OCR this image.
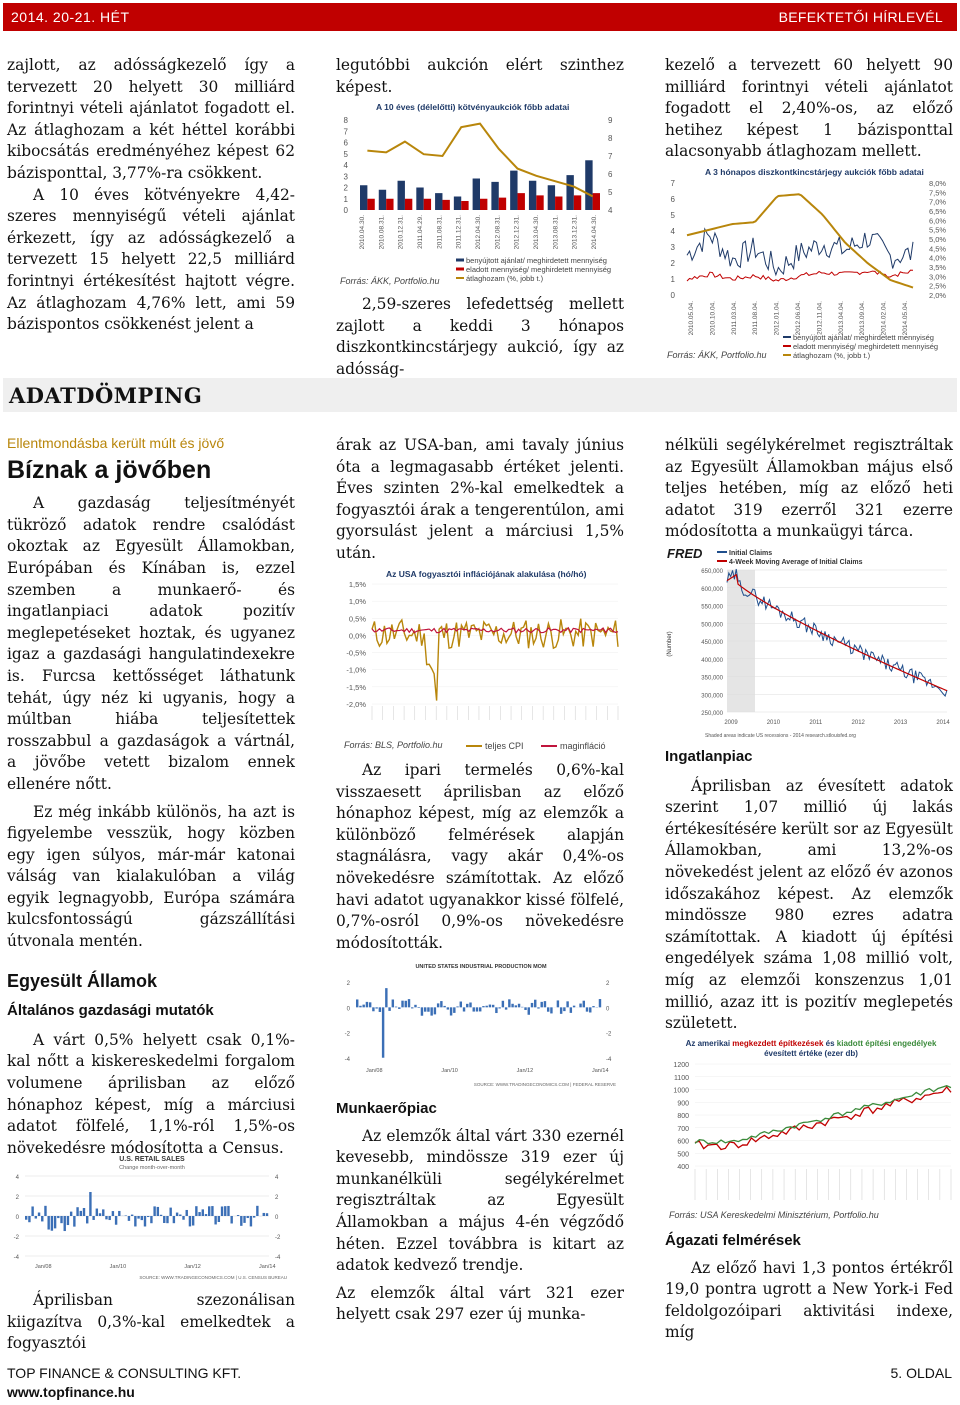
2014. 20-21. HÉT	BEFEKTETŐI HÍRLEVÉL

zajlott, az adósságkezelő így a tervezett 20 helyett 30 milliárd forintnyi vételi ajánlatot fogadott el. Az átlaghozam a két héttel korábbi kibocsátás eredményéhez képest 62 bázisponttal, 3,77%-ra csökkent.

A 10 éves kötvényekre 4,42-szeres mennyiségű vételi ajánlat érkezett, így az adósságkezelő a tervezett 15 helyett 22,5 milliárd forintnyi értékesítést hajtott végre. Az átlaghozam 4,76% lett, ami 59 bázispontos csökkenést jelent a

legutóbbi aukción elért szinthez képest.

A 10 éves (délelőtti) kötvényaukciók főbb adatai
8
7
6
5
4
3
2
1
0
9
8
7
6
5
4
2010.04.30. 2010.08.31. 2010.12.31. 2011.04.29. 2011.08.31. 2011.12.31. 2012.04.30. 2012.08.31. 2012.12.31. 2013.04.30. 2013.08.31. 2013.12.31. 2014.04.30.
benyújtott ajánlat/ meghirdetett mennyiség
eladott mennyiség/ meghirdetett mennyiség
átlaghozam (%, jobb t.)
Forrás: ÁKK, Portfolio.hu

2,59-szeres lefedettség mellett zajlott a keddi 3 hónapos diszkontkincstárjegy aukció, így az adósság-

kezelő a tervezett 60 helyett 90 milliárd forintnyi vételi ajánlatot fogadott el 2,40%-os, az előző hetihez képest 1 bázisponttal alacsonyabb átlaghozam mellett.

A 3 hónapos diszkontkincstárjegy aukciók főbb adatai
7
6
5
4
3
2
1
0
8,0%
7,5%
7,0%
6,5%
6,0%
5,5%
5,0%
4,5%
4,0%
3,5%
3,0%
2,5%
2,0%
2010.05.04. 2010.10.04. 2011.03.04. 2011.08.04. 2012.01.04. 2012.06.04. 2012.11.04. 2013.04.04. 2013.09.04. 2014.02.04. 2014.05.04.
benyújtott ajánlat/ meghirdetett mennyiség
eladott mennyiség/ meghirdetett mennyiség
átlaghozam (%, jobb t.)
Forrás: ÁKK, Portfolio.hu
ADATDÖMPING
Ellentmondásba került múlt és jövő
Bíznak a jövőben

A gazdaság teljesítményét tükröző adatok rendre csalódást okoztak az Egyesült Államokban, Európában és Kínában is, ezzel szemben a munkaerő- és ingatlanpiaci adatok pozitív meglepetéseket hoztak, és ugyanez igaz a gazdasági hangulatindexekre is. Furcsa kettősséget láthatunk tehát, úgy néz ki ugyanis, hogy a múltban hiába teljesítettek rosszabbul a gazdaságok a vártnál, a jövőbe vetett bizalom ennek ellenére nőtt.

Ez még inkább különös, ha azt is figyelembe vesszük, hogy közben egy igen súlyos, már-már katonai válság van kialakulóban a világ egyik legnagyobb, Európa számára kulcsfontosságú gázszállítási útvonala mentén.

Egyesült Államok
Általános gazdasági mutatók

A várt 0,5% helyett csak 0,1%-kal nőtt a kiskereskedelmi forgalom volumene áprilisban az előző hónaphoz képest, míg a márciusi adatot fölfelé, 1,1%-ról 1,5%-os növekedésre módosította a Census.

U.S. RETAIL SALES
Change month-over-month
4
2
0
-2
-4
4
2
0
-2
-4
Jan/08	Jan/10	Jan/12	Jan/14
SOURCE: WWW.TRADINGECONOMICS.COM | U.S. CENSUS BUREAU

Áprilisban szezonálisan kiigazítva 0,3%-kal emelkedtek a fogyasztói

árak az USA-ban, ami tavaly június óta a legmagasabb értéket jelenti. Éves szinten 2%-kal emelkedtek a fogyasztói árak a tengerentúlon, ami gyorsulást jelent a márciusi 1,5% után.

Az USA fogyasztói inflációjának alakulása (hó/hó)
1,5%
1,0%
0,5%
0,0%
-0,5%
-1,0%
-1,5%
-2,0%
Forrás: BLS, Portfolio.hu	teljes CPI	maginfláció

Az ipari termelés 0,6%-kal visszaesett áprilisban az előző hónaphoz képest, míg az elemzők a különböző felmérések alapján stagnálásra, vagy akár 0,4%-os növekedésre számítottak. Az előző havi adatot ugyanakkor kissé fölfelé, 0,7%-osról 0,9%-os növekedésre módosították.

UNITED STATES INDUSTRIAL PRODUCTION MOM
2
0
-2
-4
2
0
-2
-4
Jan/08	Jan/10	Jan/12	Jan/14
SOURCE: WWW.TRADINGECONOMICS.COM | FEDERAL RESERVE
Munkaerőpiac

Az elemzők által várt 330 ezernél kevesebb, mindössze 319 ezer új munkanélküli segélykérelmet regisztráltak az Egyesült Államokban a május 4-én végződő héten. Ezzel továbbra is kitart az adatok kedvező trendje.

Az elemzők által várt 321 ezer helyett csak 297 ezer új munka-

nélküli segélykérelmet regisztráltak az Egyesült Államokban május első teljes hetében, míg az előző heti adatot 319 ezerről 321 ezerre módosította a munkaügyi tárca.

FRED	Initial Claims
4-Week Moving Average of Initial Claims
(Number)
650,000
600,000
550,000
500,000
450,000
400,000
350,000
300,000
250,000
2009	2010	2011	2012	2013	2014
Shaded areas indicate US recessions - 2014 research.stlouisfed.org
Ingatlanpiac

Áprilisban az évesített adatok szerint 1,07 millió új lakás értékesítésére került sor az Egyesült Államokban, ami 13,2%-os növekedést jelent az előző év azonos időszakához képest. Az elemzők mindössze 980 ezres adatra számítottak. A kiadott új építési engedélyek száma 1,08 millió volt, míg az elemzői konszenzus 1,01 millió, azaz itt is pozitív meglepetés született.

Az amerikai megkezdett építkezések és kiadott építési engedélyek
évesített értéke (ezer db)
1200
1100
1000
900
800
700
600
500
400
Forrás: USA Kereskedelmi Minisztérium, Portfolio.hu
Ágazati felmérések

Az előző havi 1,3 pontos értékről 19,0 pontra ugrott a New York-i Fed feldolgozóipari aktivitási indexe, míg

TOP FINANCE & CONSULTING KFT.
www.topfinance.hu
5. OLDAL
